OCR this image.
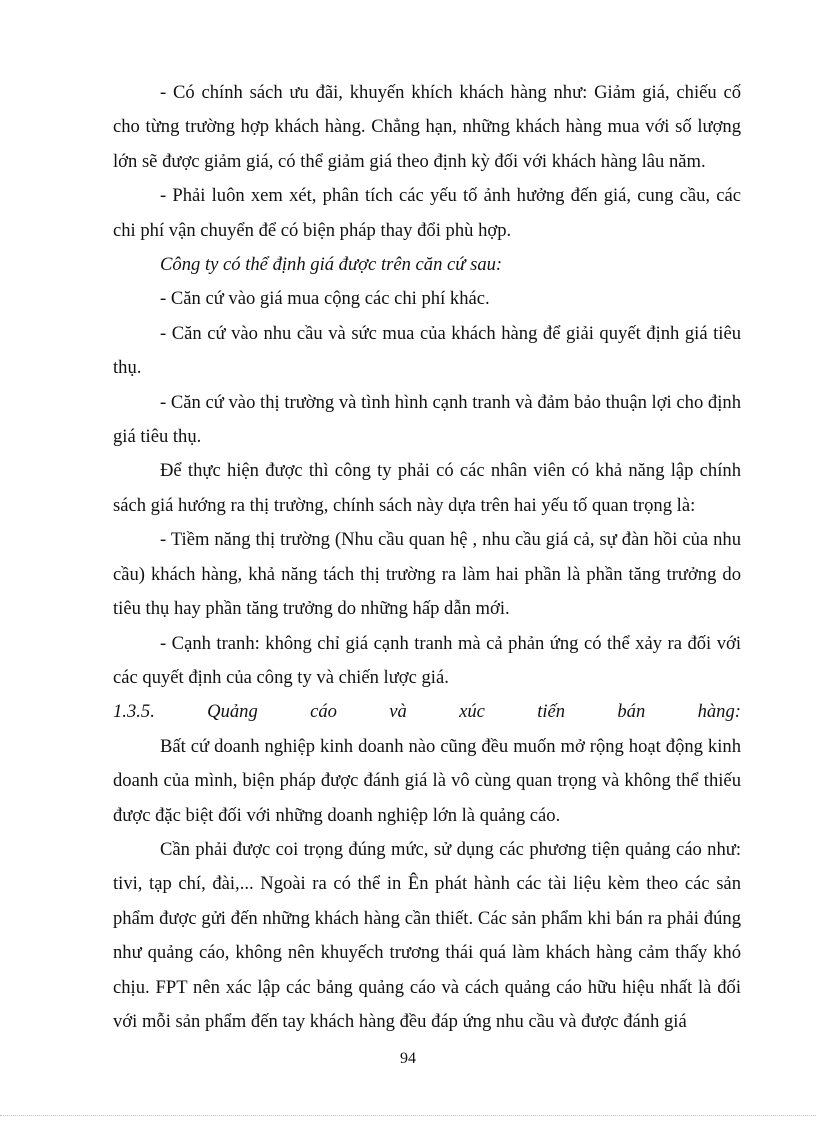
- Có chính sách ưu đãi, khuyến khích khách hàng như: Giảm giá, chiếu cố cho từng trường hợp khách hàng. Chẳng hạn, những khách hàng mua với số lượng lớn sẽ được giảm giá, có thể giảm giá theo định kỳ đối với khách hàng lâu năm.

- Phải luôn xem xét, phân tích các yếu tố ảnh hưởng đến giá, cung cầu, các chi phí vận chuyển để có biện pháp thay đổi phù hợp.

Công ty có thể định giá được trên căn cứ sau:

- Căn cứ vào giá mua cộng các chi phí khác.

- Căn cứ vào nhu cầu và sức mua của khách hàng để giải quyết định giá tiêu thụ.

- Căn cứ vào thị trường và tình hình cạnh tranh và đảm bảo thuận lợi cho định giá tiêu thụ.

Để thực hiện được thì công ty phải có các nhân viên có khả năng lập chính sách giá hướng ra thị trường, chính sách này dựa trên hai yếu tố quan trọng là:

- Tiềm năng thị trường (Nhu cầu quan hệ , nhu cầu giá cả, sự đàn hồi của nhu cầu) khách hàng, khả năng tách thị trường ra làm hai phần là phần tăng trưởng do tiêu thụ hay phần tăng trưởng do những hấp dẫn mới.

- Cạnh tranh: không chỉ giá cạnh tranh mà cả phản ứng có thể xảy ra đối với các quyết định của công ty và chiến lược giá.

1.3.5.	Quảng	cáo	và	xúc	tiến	bán	hàng:

Bất cứ doanh nghiệp kinh doanh nào cũng đều muốn mở rộng hoạt động kinh doanh của mình, biện pháp được đánh giá là vô cùng quan trọng và không thể thiếu được đặc biệt đối với những doanh nghiệp lớn là quảng cáo.

Cần phải được coi trọng đúng mức, sử dụng các phương tiện quảng cáo như: tivi, tạp chí, đài,... Ngoài ra có thể in Ên phát hành các tài liệu kèm theo các sản phẩm được gửi đến những khách hàng cần thiết. Các sản phẩm khi bán ra phải đúng như quảng cáo, không nên khuyếch trương thái quá làm khách hàng cảm thấy khó chịu. FPT nên xác lập các bảng quảng cáo và cách quảng cáo hữu hiệu nhất là đối với mỗi sản phẩm đến tay khách hàng đều đáp ứng nhu cầu và được đánh giá

94
